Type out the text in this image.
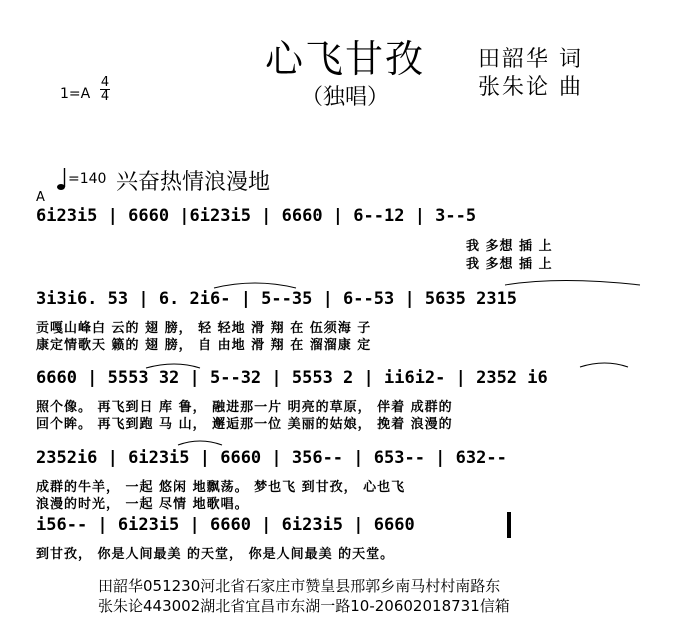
心飞甘孜
（独唱）
田韶华 词
张朱论 曲
1=A
4
4
=140 兴奋热情浪漫地
A
6i23i5 | 6660 |6i23i5 | 6660 | 6--12 | 3--5
我 多想 插 上
我 多想 插 上
3i3i6. 53 | 6. 2i6- | 5--35 | 6--53 | 5635 2315
贡嘎山峰白 云的 翅 膀， 轻 轻地 滑 翔 在 伍须海 子
康定情歌天 籁的 翅 膀， 自 由地 滑 翔 在 溜溜康 定
6660 | 5553 32 | 5--32 | 5553 2 | ii6i2- | 2352 i6
照个像。 再飞到日 库 鲁， 融进那一片 明亮的草原， 伴着 成群的
回个眸。 再飞到跑 马 山， 邂逅那一位 美丽的姑娘， 挽着 浪漫的
2352i6 | 6i23i5 | 6660 | 356-- | 653-- | 632--
成群的牛羊， 一起 悠闲 地飘荡。 梦也飞 到甘孜， 心也飞
浪漫的时光， 一起 尽情 地歌唱。
i56-- | 6i23i5 | 6660 | 6i23i5 | 6660
到甘孜， 你是人间最美 的天堂， 你是人间最美 的天堂。
田韶华051230河北省石家庄市赞皇县邢郭乡南马村村南路东
张朱论443002湖北省宜昌市东湖一路10-20602018731信箱
